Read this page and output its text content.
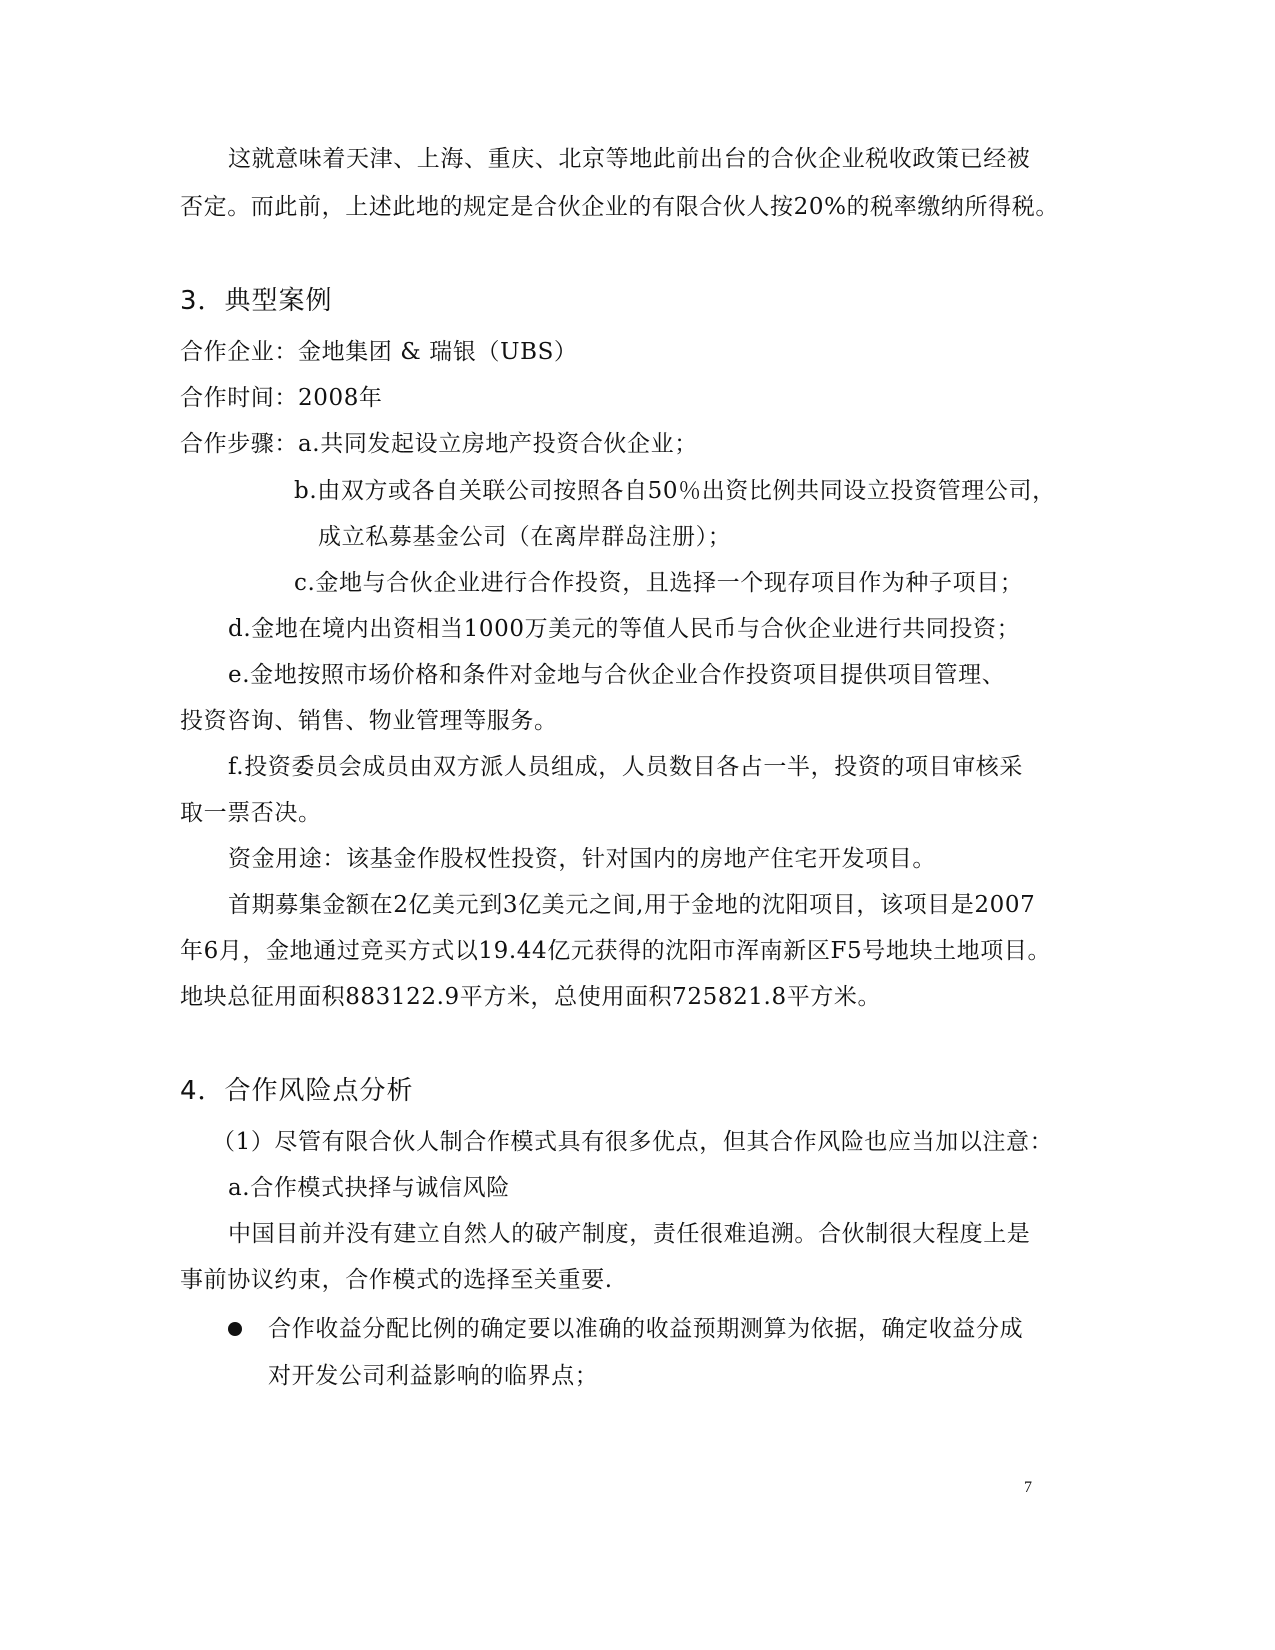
这就意味着天津、上海、重庆、北京等地此前出台的合伙企业税收政策已经被
否定。而此前，上述此地的规定是合伙企业的有限合伙人按20%的税率缴纳所得税。
3．典型案例
合作企业：金地集团 & 瑞银（UBS）
合作时间：2008年
合作步骤：a.共同发起设立房地产投资合伙企业；
b.由双方或各自关联公司按照各自50％出资比例共同设立投资管理公司，
成立私募基金公司（在离岸群岛注册）；
c.金地与合伙企业进行合作投资，且选择一个现存项目作为种子项目；
d.金地在境内出资相当1000万美元的等值人民币与合伙企业进行共同投资；
e.金地按照市场价格和条件对金地与合伙企业合作投资项目提供项目管理、
投资咨询、销售、物业管理等服务。
f.投资委员会成员由双方派人员组成，人员数目各占一半，投资的项目审核采
取一票否决。
资金用途：该基金作股权性投资，针对国内的房地产住宅开发项目。
首期募集金额在2亿美元到3亿美元之间,用于金地的沈阳项目，该项目是2007
年6月，金地通过竞买方式以19.44亿元获得的沈阳市浑南新区F5号地块土地项目。
地块总征用面积883122.9平方米，总使用面积725821.8平方米。
4．合作风险点分析
（1）尽管有限合伙人制合作模式具有很多优点，但其合作风险也应当加以注意：
a.合作模式抉择与诚信风险
中国目前并没有建立自然人的破产制度，责任很难追溯。合伙制很大程度上是
事前协议约束，合作模式的选择至关重要.
合作收益分配比例的确定要以准确的收益预期测算为依据，确定收益分成
对开发公司利益影响的临界点；
7
